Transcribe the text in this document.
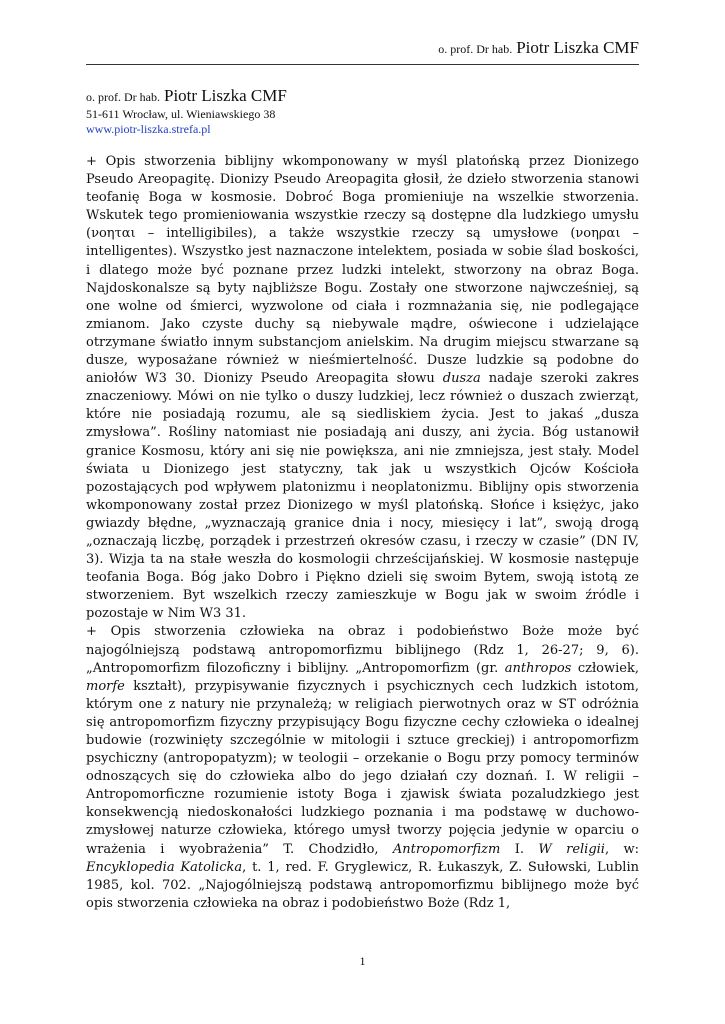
o. prof. Dr hab. Piotr Liszka CMF
o. prof. Dr hab. Piotr Liszka CMF
51-611 Wrocław, ul. Wieniawskiego 38
www.piotr-liszka.strefa.pl

+ Opis stworzenia biblijny wkomponowany w myśl platońską przez Dionizego Pseudo Areopagitę. Dionizy Pseudo Areopagita głosił, że dzieło stworzenia stanowi teofanię Boga w kosmosie. Dobroć Boga promieniuje na wszelkie stworzenia. Wskutek tego promieniowania wszystkie rzeczy są dostępne dla ludzkiego umysłu (νοηται – intelligibiles), a także wszystkie rzeczy są umysłowe (νοηραι – intelligentes). Wszystko jest naznaczone intelektem, posiada w sobie ślad boskości, i dlatego może być poznane przez ludzki intelekt, stworzony na obraz Boga. Najdoskonalsze są byty najbliższe Bogu. Zostały one stworzone najwcześniej, są one wolne od śmierci, wyzwolone od ciała i rozmnażania się, nie podlegające zmianom. Jako czyste duchy są niebywale mądre, oświecone i udzielające otrzymane światło innym substancjom anielskim. Na drugim miejscu stwarzane są dusze, wyposażane również w nieśmiertelność. Dusze ludzkie są podobne do aniołów W3 30. Dionizy Pseudo Areopagita słowu dusza nadaje szeroki zakres znaczeniowy. Mówi on nie tylko o duszy ludzkiej, lecz również o duszach zwierząt, które nie posiadają rozumu, ale są siedliskiem życia. Jest to jakaś „dusza zmysłowa”. Rośliny natomiast nie posiadają ani duszy, ani życia. Bóg ustanowił granice Kosmosu, który ani się nie powiększa, ani nie zmniejsza, jest stały. Model świata u Dionizego jest statyczny, tak jak u wszystkich Ojców Kościoła pozostających pod wpływem platonizmu i neoplatonizmu. Biblijny opis stworzenia wkomponowany został przez Dionizego w myśl platońską. Słońce i księżyc, jako gwiazdy błędne, „wyznaczają granice dnia i nocy, miesięcy i lat”, swoją drogą „oznaczają liczbę, porządek i przestrzeń okresów czasu, i rzeczy w czasie” (DN IV, 3). Wizja ta na stałe weszła do kosmologii chrześcijańskiej. W kosmosie następuje teofania Boga. Bóg jako Dobro i Piękno dzieli się swoim Bytem, swoją istotą ze stworzeniem. Byt wszelkich rzeczy zamieszkuje w Bogu jak w swoim źródle i pozostaje w Nim W3 31.

+ Opis stworzenia człowieka na obraz i podobieństwo Boże może być najogólniejszą podstawą antropomorfizmu biblijnego (Rdz 1, 26-27; 9, 6). „Antropomorfizm filozoficzny i biblijny. „Antropomorfizm (gr. anthropos człowiek, morfe kształt), przypisywanie fizycznych i psychicznych cech ludzkich istotom, którym one z natury nie przynależą; w religiach pierwotnych oraz w ST odróżnia się antropomorfizm fizyczny przypisujący Bogu fizyczne cechy człowieka o idealnej budowie (rozwinięty szczególnie w mitologii i sztuce greckiej) i antropomorfizm psychiczny (antropopatyzm); w teologii – orzekanie o Bogu przy pomocy terminów odnoszących się do człowieka albo do jego działań czy doznań. I. W religii – Antropomorficzne rozumienie istoty Boga i zjawisk świata pozaludzkiego jest konsekwencją niedoskonałości ludzkiego poznania i ma podstawę w duchowo-zmysłowej naturze człowieka, którego umysł tworzy pojęcia jedynie w oparciu o wrażenia i wyobrażenia” T. Chodzidło, Antropomorfizm I. W religii, w: Encyklopedia Katolicka, t. 1, red. F. Gryglewicz, R. Łukaszyk, Z. Sułowski, Lublin 1985, kol. 702. „Najogólniejszą podstawą antropomorfizmu biblijnego może być opis stworzenia człowieka na obraz i podobieństwo Boże (Rdz 1,

1
